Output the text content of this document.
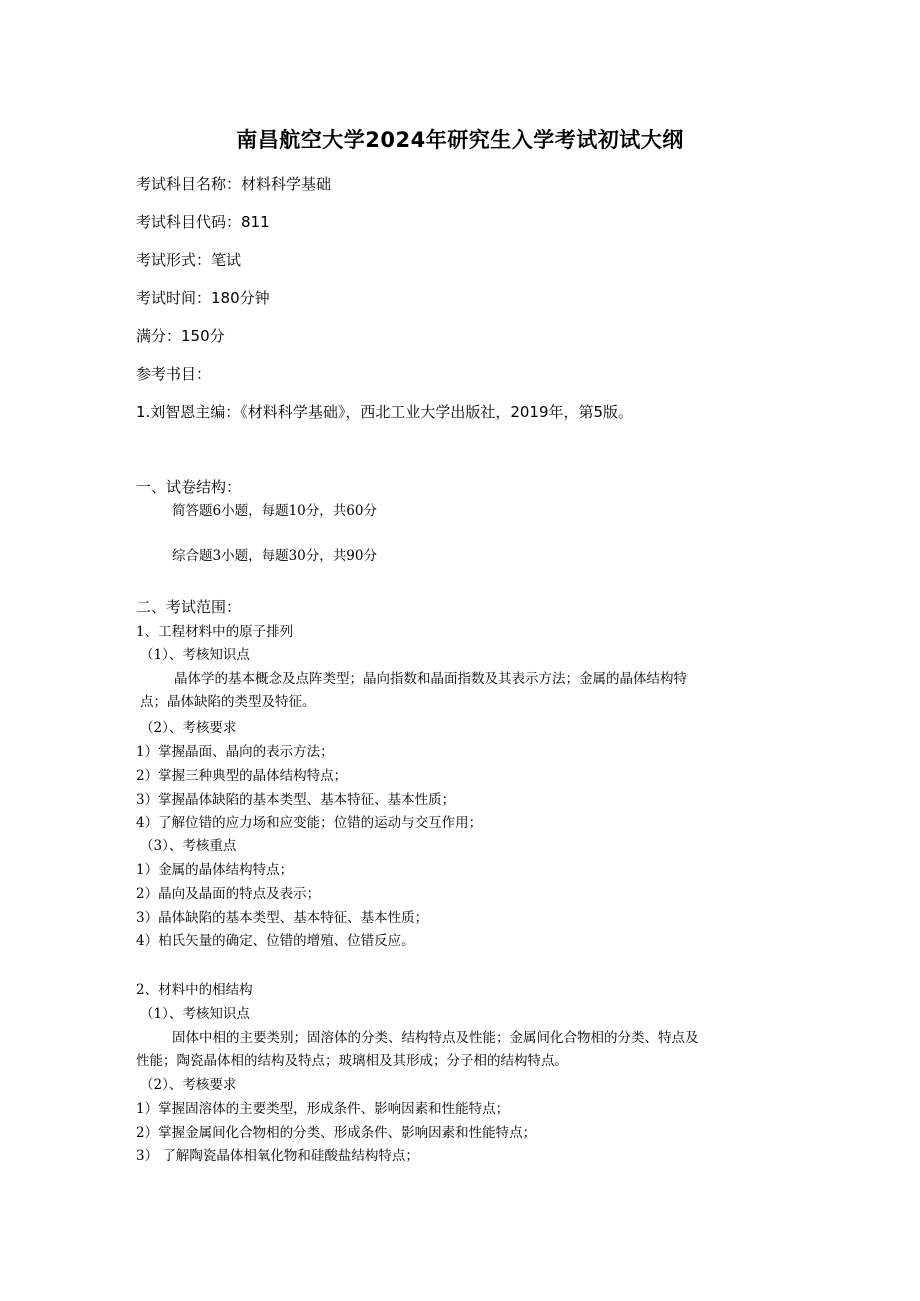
南昌航空大学2024年研究生入学考试初试大纲
考试科目名称：材料科学基础
考试科目代码：811
考试形式：笔试
考试时间：180分钟
满分：150分
参考书目：
1.刘智恩主编：《材料科学基础》，西北工业大学出版社，2019年，第5版。
一、试卷结构：
简答题6小题，每题10分，共60分
综合题3小题，每题30分，共90分
二、考试范围：
1、工程材料中的原子排列
（1）、考核知识点
晶体学的基本概念及点阵类型；晶向指数和晶面指数及其表示方法；金属的晶体结构特
点；晶体缺陷的类型及特征。
（2）、考核要求
1）掌握晶面、晶向的表示方法；
2）掌握三种典型的晶体结构特点；
3）掌握晶体缺陷的基本类型、基本特征、基本性质；
4）了解位错的应力场和应变能；位错的运动与交互作用；
（3）、考核重点
1）金属的晶体结构特点；
2）晶向及晶面的特点及表示；
3）晶体缺陷的基本类型、基本特征、基本性质；
4）柏氏矢量的确定、位错的增殖、位错反应。
2、材料中的相结构
（1）、考核知识点
固体中相的主要类别；固溶体的分类、结构特点及性能；金属间化合物相的分类、特点及
性能；陶瓷晶体相的结构及特点；玻璃相及其形成；分子相的结构特点。
（2）、考核要求
1）掌握固溶体的主要类型，形成条件、影响因素和性能特点；
2）掌握金属间化合物相的分类、形成条件、影响因素和性能特点；
3） 了解陶瓷晶体相氧化物和硅酸盐结构特点；
